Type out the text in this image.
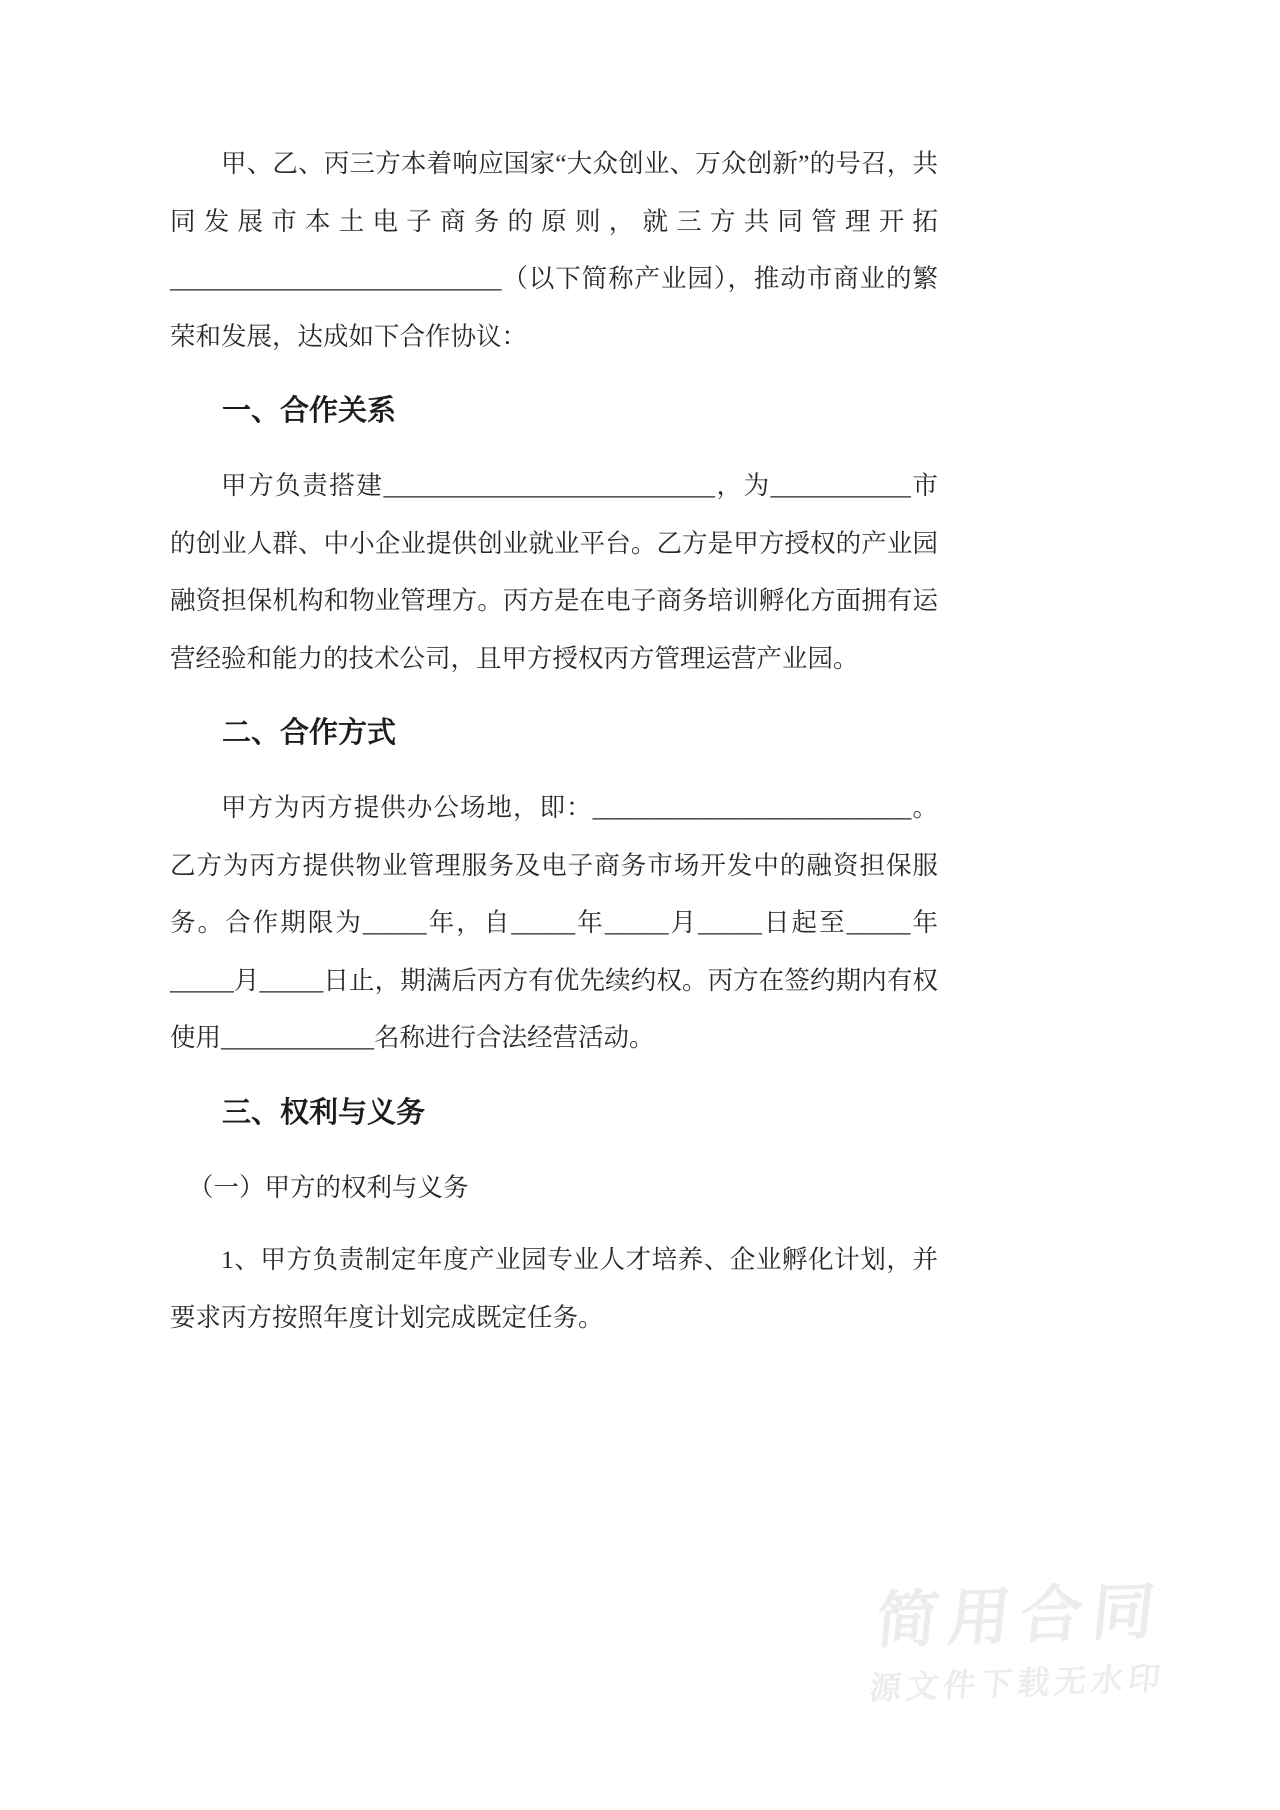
甲、乙、丙三方本着响应国家“大众创业、万众创新”的号召，共同发展市本土电子商务的原则，就三方共同管理开拓__________________________（以下简称产业园），推动市商业的繁荣和发展，达成如下合作协议：

一、合作关系

甲方负责搭建__________________________，为___________市的创业人群、中小企业提供创业就业平台。乙方是甲方授权的产业园融资担保机构和物业管理方。丙方是在电子商务培训孵化方面拥有运营经验和能力的技术公司，且甲方授权丙方管理运营产业园。

二、合作方式

甲方为丙方提供办公场地，即：_________________________。乙方为丙方提供物业管理服务及电子商务市场开发中的融资担保服务。合作期限为_____年，自_____年_____月_____日起至_____年_____月_____日止，期满后丙方有优先续约权。丙方在签约期内有权使用____________名称进行合法经营活动。

三、权利与义务

（一）甲方的权利与义务

1、甲方负责制定年度产业园专业人才培养、企业孵化计划，并要求丙方按照年度计划完成既定任务。

简用合同
源文件下载无水印
